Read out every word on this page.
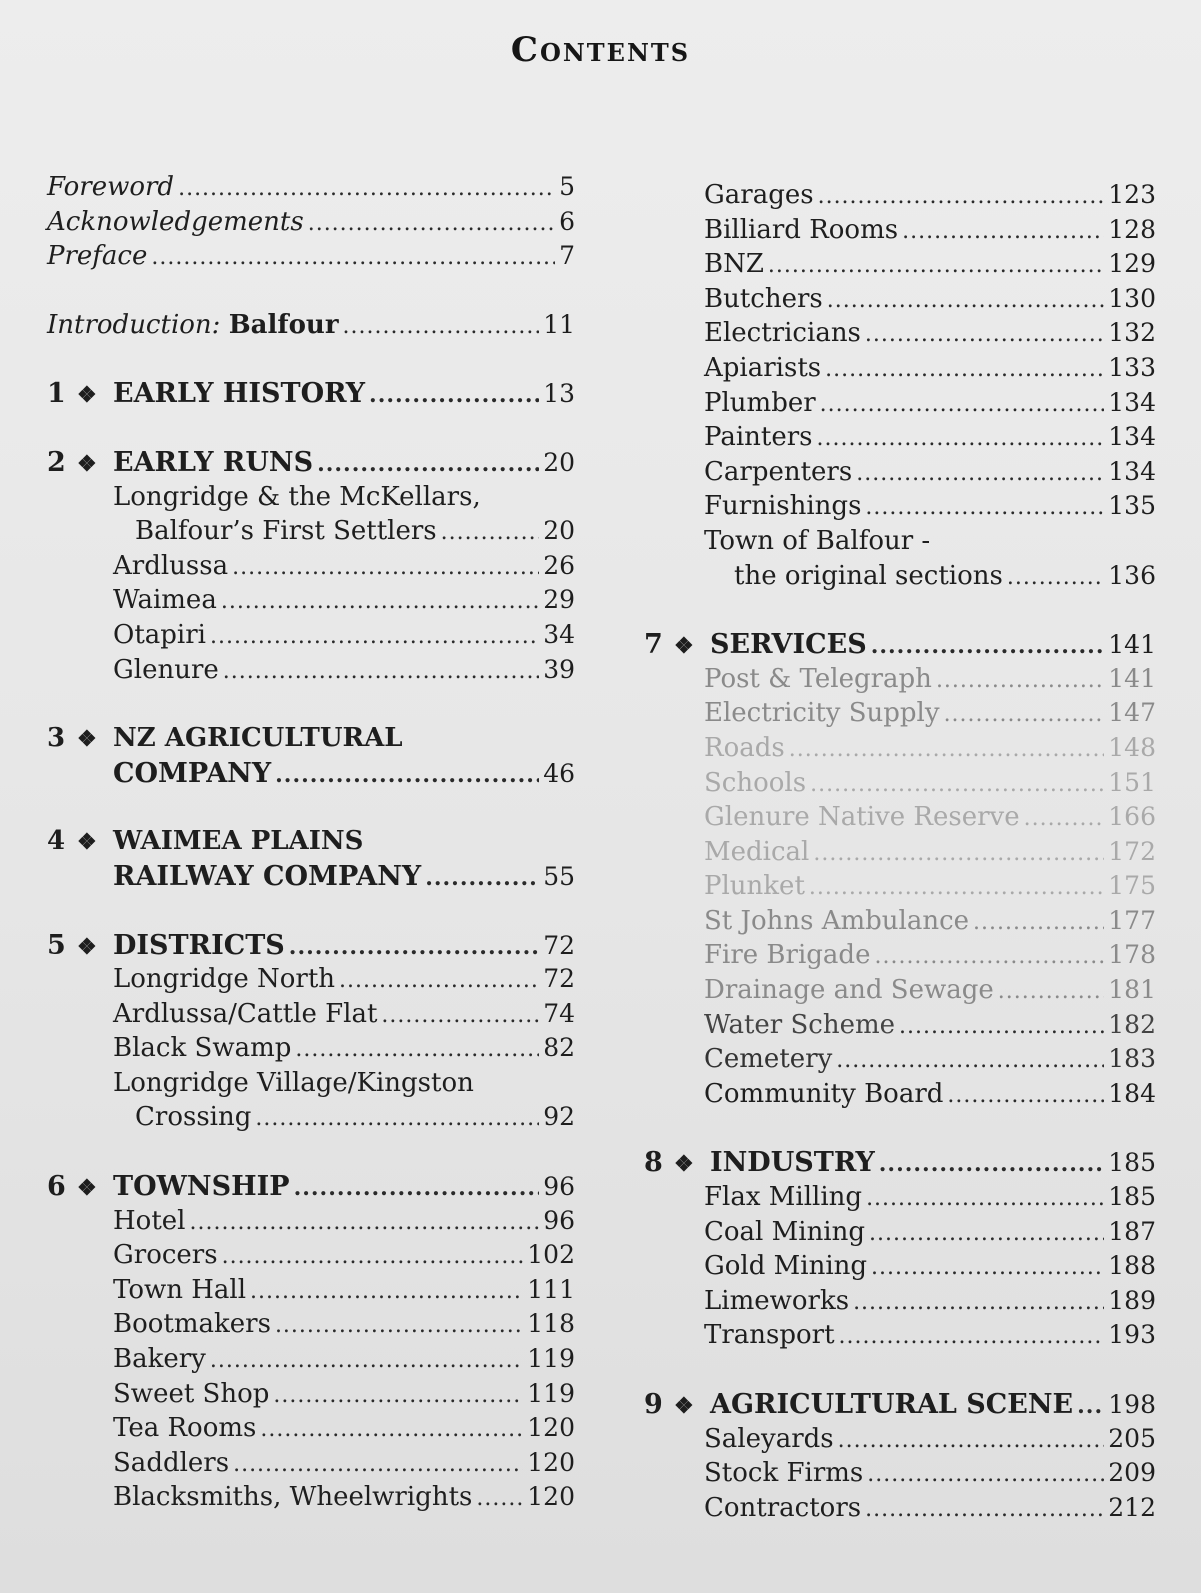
Contents
Foreword .....	5
Acknowledgements .....	6
Preface .....	7
Introduction: Balfour .....	11
1 ❖ EARLY HISTORY .....	13
2 ❖ EARLY RUNS .....	20
Longridge & the McKellars,
Balfour’s First Settlers .....	20
Ardlussa .....	26
Waimea .....	29
Otapiri .....	34
Glenure .....	39
3 ❖ NZ AGRICULTURAL
COMPANY .....	46
4 ❖ WAIMEA PLAINS
RAILWAY COMPANY .....	55
5 ❖ DISTRICTS .....	72
Longridge North .....	72
Ardlussa/Cattle Flat .....	74
Black Swamp .....	82
Longridge Village/Kingston
Crossing .....	92
6 ❖ TOWNSHIP .....	96
Hotel .....	96
Grocers .....	102
Town Hall .....	111
Bootmakers .....	118
Bakery .....	119
Sweet Shop .....	119
Tea Rooms .....	120
Saddlers .....	120
Blacksmiths, Wheelwrights ..... 120
Garages .....	123
Billiard Rooms .....	128
BNZ .....	129
Butchers .....	130
Electricians .....	132
Apiarists .....	133
Plumber .....	134
Painters .....	134
Carpenters .....	134
Furnishings .....	135
Town of Balfour -
the original sections .....	136
7 ❖ SERVICES .....	141
Post & Telegraph .....	141
Electricity Supply .....	147
Roads .....	148
Schools .....	151
Glenure Native Reserve .....	166
Medical .....	172
Plunket .....	175
St Johns Ambulance .....	177
Fire Brigade .....	178
Drainage and Sewage .....	181
Water Scheme .....	182
Cemetery .....	183
Community Board .....	184
8 ❖ INDUSTRY .....	185
Flax Milling .....	185
Coal Mining .....	187
Gold Mining .....	188
Limeworks .....	189
Transport .....	193
9 ❖ AGRICULTURAL SCENE ..... 198
Saleyards .....	205
Stock Firms .....	209
Contractors .....	212
